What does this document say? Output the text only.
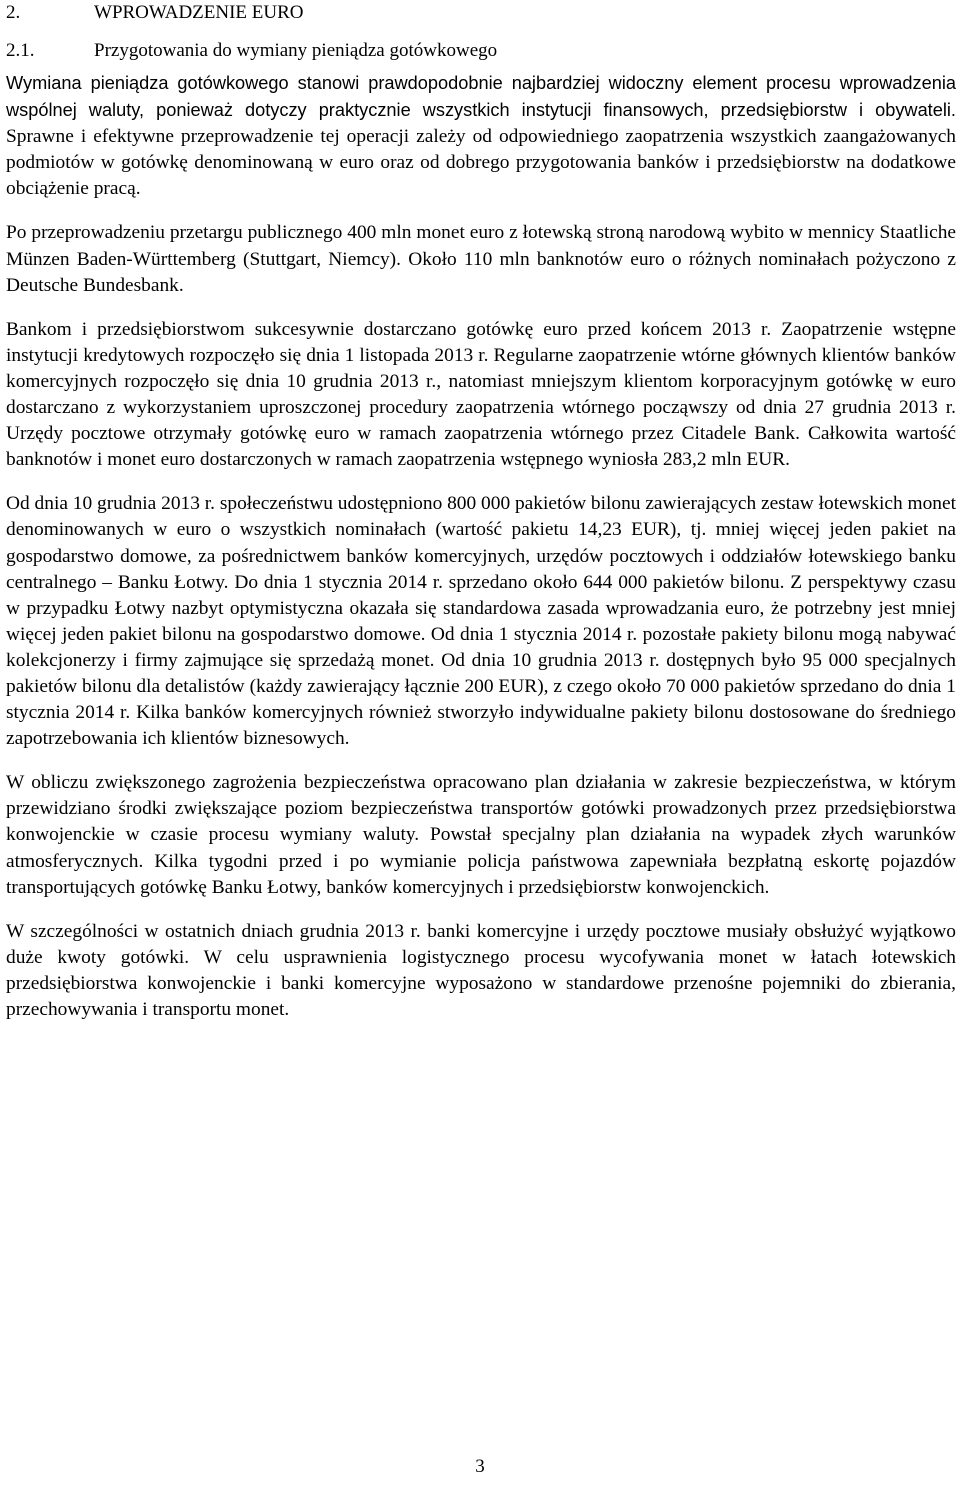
2.	WPROWADZENIE EURO
2.1.	Przygotowania do wymiany pieniądza gotówkowego

Wymiana pieniądza gotówkowego stanowi prawdopodobnie najbardziej widoczny element procesu wprowadzenia wspólnej waluty, ponieważ dotyczy praktycznie wszystkich instytucji finansowych, przedsiębiorstw i obywateli. Sprawne i efektywne przeprowadzenie tej operacji zależy od odpowiedniego zaopatrzenia wszystkich zaangażowanych podmiotów w gotówkę denominowaną w euro oraz od dobrego przygotowania banków i przedsiębiorstw na dodatkowe obciążenie pracą.

Po przeprowadzeniu przetargu publicznego 400 mln monet euro z łotewską stroną narodową wybito w mennicy Staatliche Münzen Baden-Württemberg (Stuttgart, Niemcy). Około 110 mln banknotów euro o różnych nominałach pożyczono z Deutsche Bundesbank.

Bankom i przedsiębiorstwom sukcesywnie dostarczano gotówkę euro przed końcem 2013 r. Zaopatrzenie wstępne instytucji kredytowych rozpoczęło się dnia 1 listopada 2013 r. Regularne zaopatrzenie wtórne głównych klientów banków komercyjnych rozpoczęło się dnia 10 grudnia 2013 r., natomiast mniejszym klientom korporacyjnym gotówkę w euro dostarczano z wykorzystaniem uproszczonej procedury zaopatrzenia wtórnego począwszy od dnia 27 grudnia 2013 r. Urzędy pocztowe otrzymały gotówkę euro w ramach zaopatrzenia wtórnego przez Citadele Bank. Całkowita wartość banknotów i monet euro dostarczonych w ramach zaopatrzenia wstępnego wyniosła 283,2 mln EUR.

Od dnia 10 grudnia 2013 r. społeczeństwu udostępniono 800 000 pakietów bilonu zawierających zestaw łotewskich monet denominowanych w euro o wszystkich nominałach (wartość pakietu 14,23 EUR), tj. mniej więcej jeden pakiet na gospodarstwo domowe, za pośrednictwem banków komercyjnych, urzędów pocztowych i oddziałów łotewskiego banku centralnego – Banku Łotwy. Do dnia 1 stycznia 2014 r. sprzedano około 644 000 pakietów bilonu. Z perspektywy czasu w przypadku Łotwy nazbyt optymistyczna okazała się standardowa zasada wprowadzania euro, że potrzebny jest mniej więcej jeden pakiet bilonu na gospodarstwo domowe. Od dnia 1 stycznia 2014 r. pozostałe pakiety bilonu mogą nabywać kolekcjonerzy i firmy zajmujące się sprzedażą monet. Od dnia 10 grudnia 2013 r. dostępnych było 95 000 specjalnych pakietów bilonu dla detalistów (każdy zawierający łącznie 200 EUR), z czego około 70 000 pakietów sprzedano do dnia 1 stycznia 2014 r. Kilka banków komercyjnych również stworzyło indywidualne pakiety bilonu dostosowane do średniego zapotrzebowania ich klientów biznesowych.

W obliczu zwiększonego zagrożenia bezpieczeństwa opracowano plan działania w zakresie bezpieczeństwa, w którym przewidziano środki zwiększające poziom bezpieczeństwa transportów gotówki prowadzonych przez przedsiębiorstwa konwojenckie w czasie procesu wymiany waluty. Powstał specjalny plan działania na wypadek złych warunków atmosferycznych. Kilka tygodni przed i po wymianie policja państwowa zapewniała bezpłatną eskortę pojazdów transportujących gotówkę Banku Łotwy, banków komercyjnych i przedsiębiorstw konwojenckich.

W szczególności w ostatnich dniach grudnia 2013 r. banki komercyjne i urzędy pocztowe musiały obsłużyć wyjątkowo duże kwoty gotówki. W celu usprawnienia logistycznego procesu wycofywania monet w łatach łotewskich przedsiębiorstwa konwojenckie i banki komercyjne wyposażono w standardowe przenośne pojemniki do zbierania, przechowywania i transportu monet.

3
